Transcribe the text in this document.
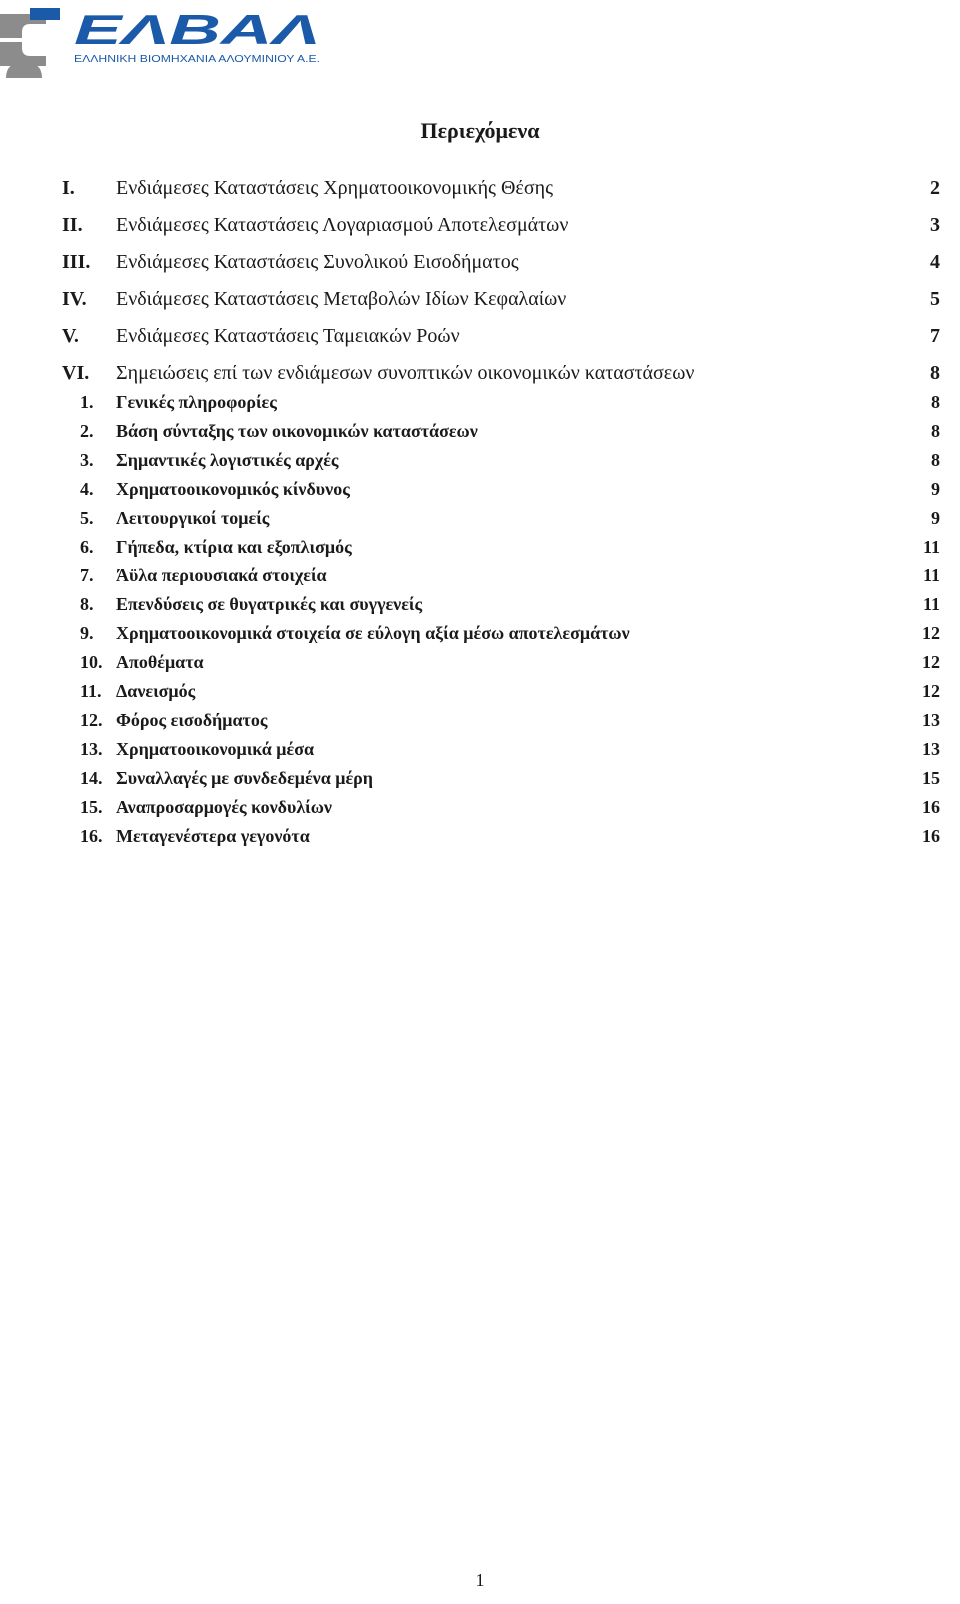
ΕΛΒΑΛ
ΕΛΛΗΝΙΚΗ ΒΙΟΜΗΧΑΝΙΑ ΑΛΟΥΜΙΝΙΟΥ Α.Ε.
Περιεχόμενα
I. Ενδιάμεσες Καταστάσεις Χρηματοοικονομικής Θέσης	2
II. Ενδιάμεσες Καταστάσεις Λογαριασμού Αποτελεσμάτων	3
III. Ενδιάμεσες Καταστάσεις Συνολικού Εισοδήματος	4
IV. Ενδιάμεσες Καταστάσεις Μεταβολών Ιδίων Κεφαλαίων	5
V. Ενδιάμεσες Καταστάσεις Ταμειακών Ροών	7
VI. Σημειώσεις επί των ενδιάμεσων συνοπτικών οικονομικών καταστάσεων	8
1. Γενικές πληροφορίες	8
2. Βάση σύνταξης των οικονομικών καταστάσεων	8
3. Σημαντικές λογιστικές αρχές	8
4. Χρηματοοικονομικός κίνδυνος	9
5. Λειτουργικοί τομείς	9
6. Γήπεδα, κτίρια και εξοπλισμός	11
7. Άϋλα περιουσιακά στοιχεία	11
8. Επενδύσεις σε θυγατρικές και συγγενείς	11
9. Χρηματοοικονομικά στοιχεία σε εύλογη αξία μέσω αποτελεσμάτων	12
10. Αποθέματα	12
11. Δανεισμός	12
12. Φόρος εισοδήματος	13
13. Χρηματοοικονομικά μέσα	13
14. Συναλλαγές με συνδεδεμένα μέρη	15
15. Αναπροσαρμογές κονδυλίων	16
16. Μεταγενέστερα γεγονότα	16
1
